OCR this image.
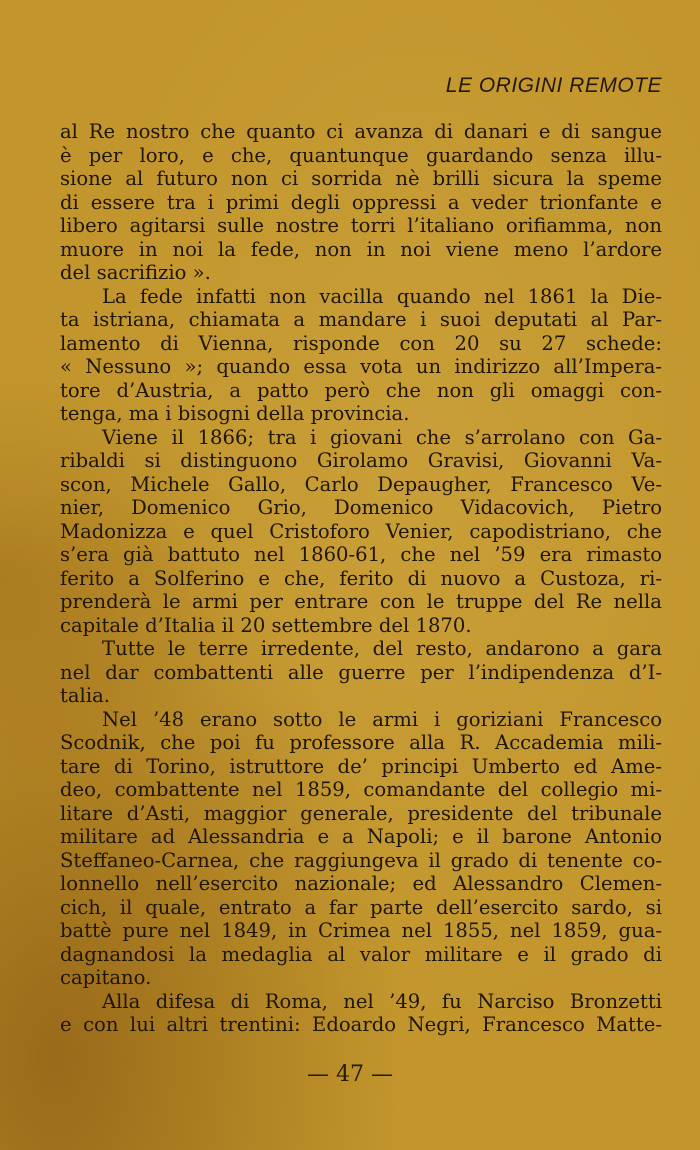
LE ORIGINI REMOTE
al Re nostro che quanto ci avanza di danari e di sangue
è per loro, e che, quantunque guardando senza illu-
sione al futuro non ci sorrida nè brilli sicura la speme
di essere tra i primi degli oppressi a veder trionfante e
libero agitarsi sulle nostre torri l’italiano orifiamma, non
muore in noi la fede, non in noi viene meno l’ardore
del sacrifizio ».
La fede infatti non vacilla quando nel 1861 la Die-
ta istriana, chiamata a mandare i suoi deputati al Par-
lamento di Vienna, risponde con 20 su 27 schede:
« Nessuno »; quando essa vota un indirizzo all’Impera-
tore d’Austria, a patto però che non gli omaggi con-
tenga, ma i bisogni della provincia.
Viene il 1866; tra i giovani che s’arrolano con Ga-
ribaldi si distinguono Girolamo Gravisi, Giovanni Va-
scon, Michele Gallo, Carlo Depaugher, Francesco Ve-
nier, Domenico Grio, Domenico Vidacovich, Pietro
Madonizza e quel Cristoforo Venier, capodistriano, che
s’era già battuto nel 1860-61, che nel ’59 era rimasto
ferito a Solferino e che, ferito di nuovo a Custoza, ri-
prenderà le armi per entrare con le truppe del Re nella
capitale d’Italia il 20 settembre del 1870.
Tutte le terre irredente, del resto, andarono a gara
nel dar combattenti alle guerre per l’indipendenza d’I-
talia.
Nel ’48 erano sotto le armi i goriziani Francesco
Scodnik, che poi fu professore alla R. Accademia mili-
tare di Torino, istruttore de’ principi Umberto ed Ame-
deo, combattente nel 1859, comandante del collegio mi-
litare d’Asti, maggior generale, presidente del tribunale
militare ad Alessandria e a Napoli; e il barone Antonio
Steffaneo-Carnea, che raggiungeva il grado di tenente co-
lonnello nell’esercito nazionale; ed Alessandro Clemen-
cich, il quale, entrato a far parte dell’esercito sardo, si
battè pure nel 1849, in Crimea nel 1855, nel 1859, gua-
dagnandosi la medaglia al valor militare e il grado di
capitano.
Alla difesa di Roma, nel ’49, fu Narciso Bronzetti
e con lui altri trentini: Edoardo Negri, Francesco Matte-
— 47 —
